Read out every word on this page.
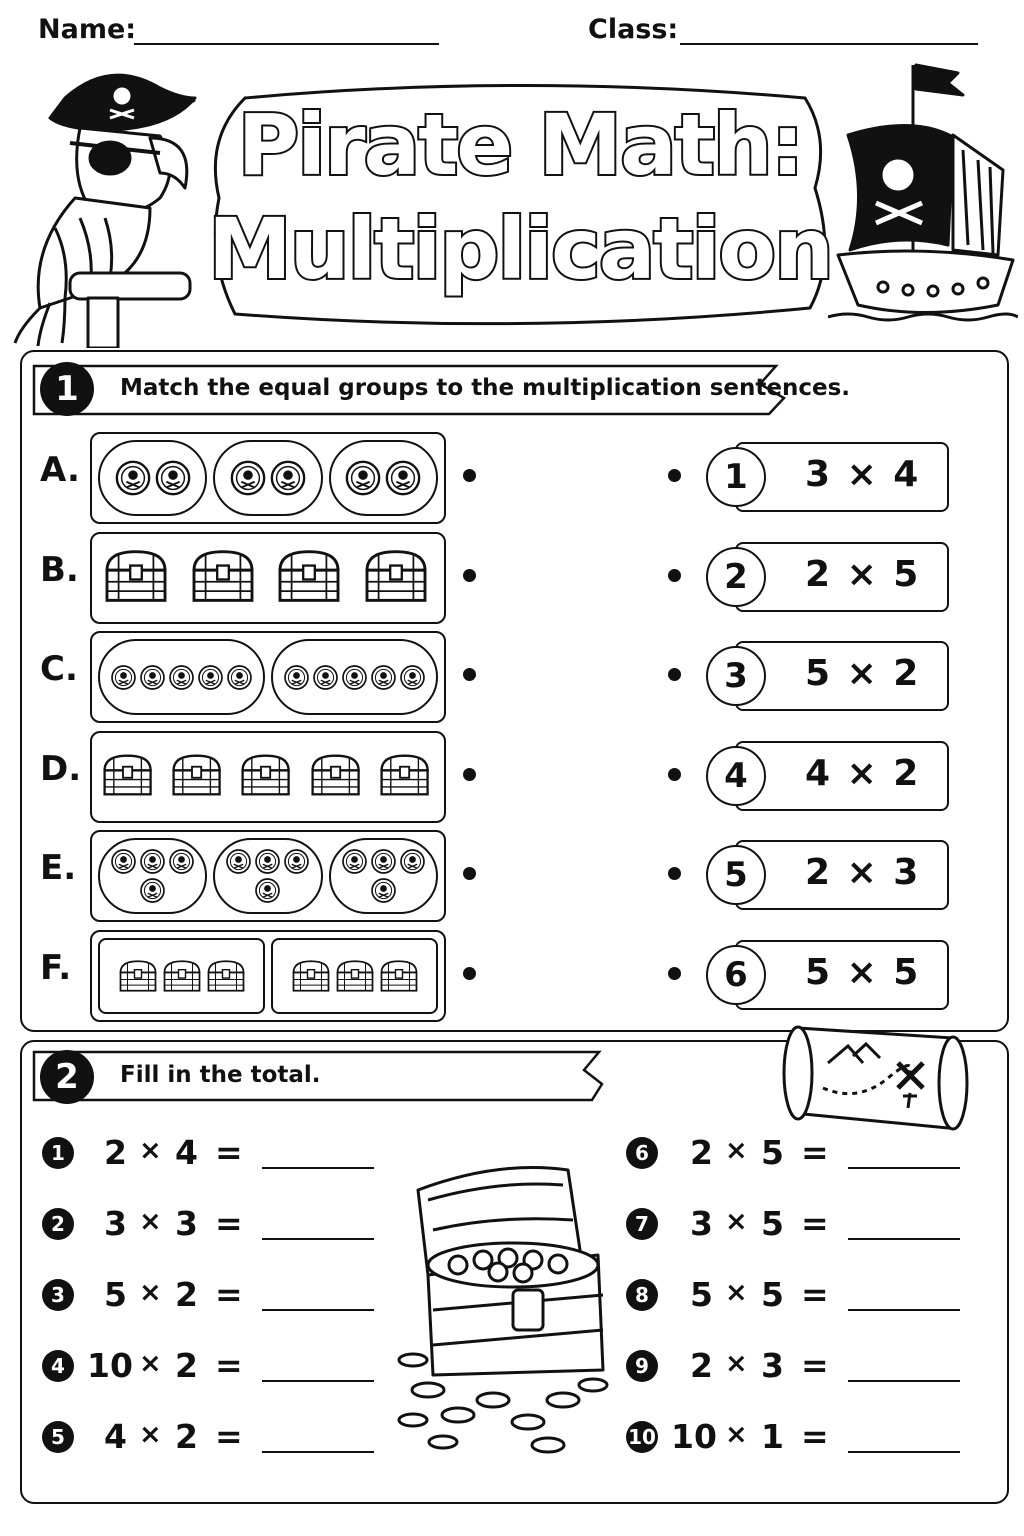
Name:	Class:
Pirate Math:
Multiplication
1	Match the equal groups to the multiplication sentences.
A.
B.
C.
D.
E.
F.
1	3 × 4
2	2 × 5
3	5 × 2
4	4 × 2
5	2 × 3
6	5 × 5
2	Fill in the total.
1	2 × 4 =
2	3 × 3 =
3	5 × 2 =
4 10 × 2 =
5	4 × 2 =
6	2 × 5 =
7	3 × 5 =
8	5 × 5 =
9	2 × 3 =
10 10 × 1 =
